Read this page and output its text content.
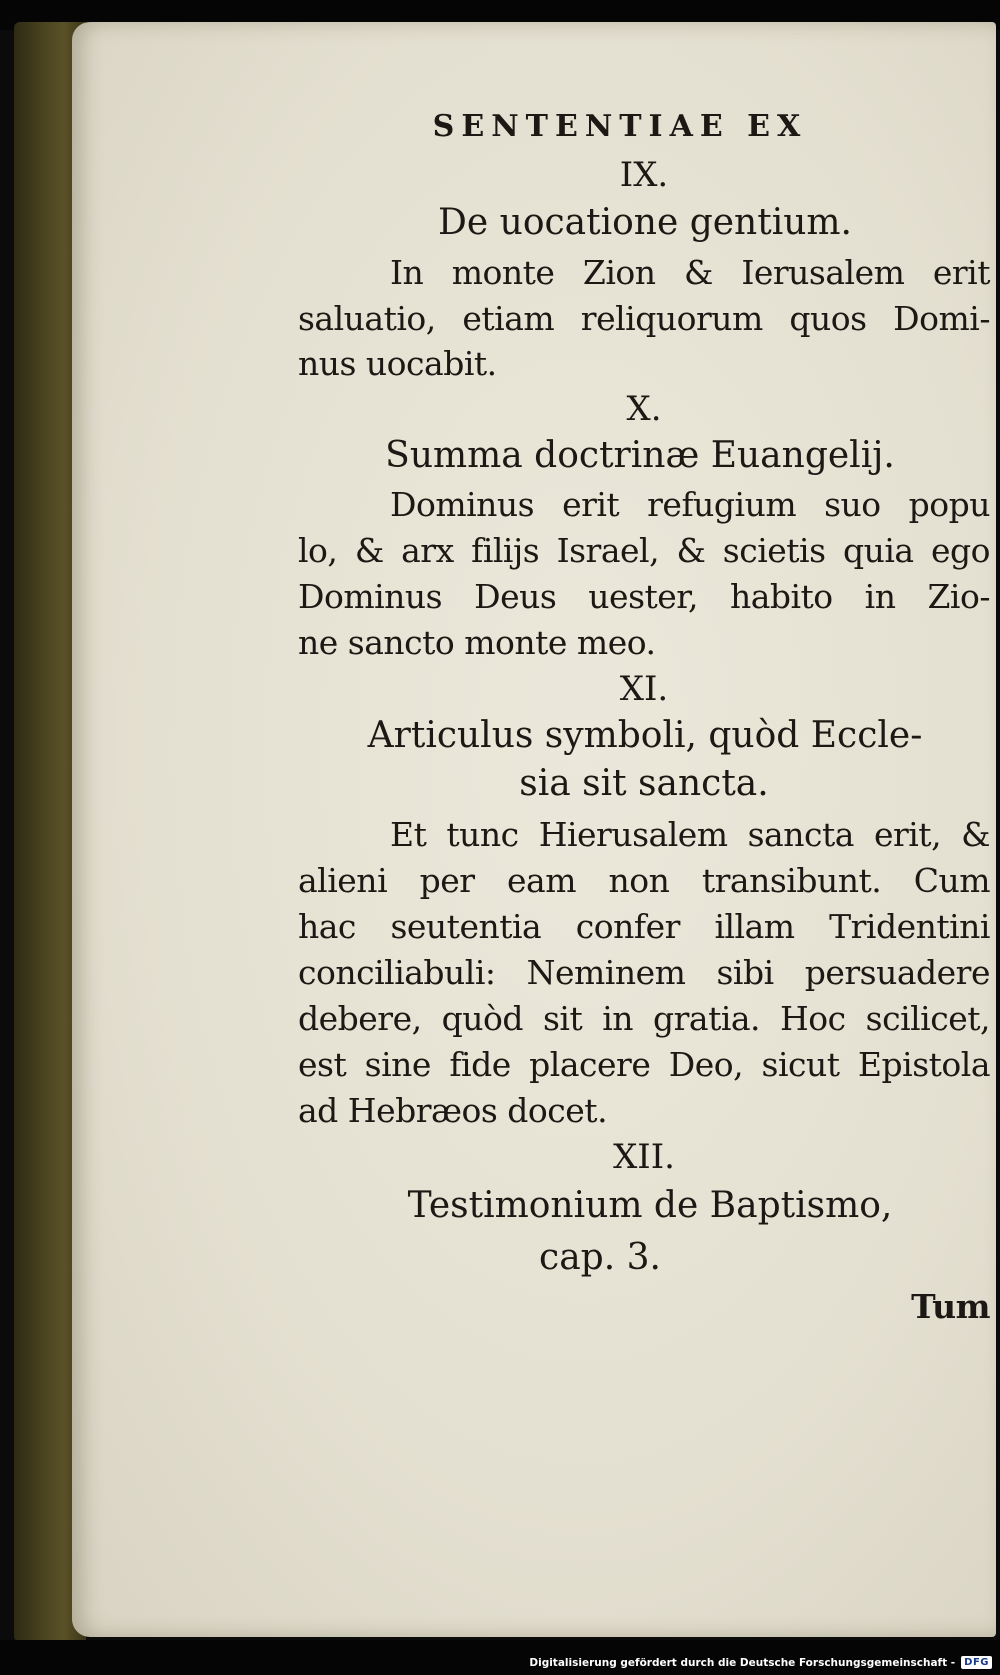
SENTENTIAE EX
IX.
De uocatione gentium.
In monte Zion & Ierusalem erit
saluatio, etiam reliquorum quos Domi-
nus uocabit.
X.
Summa doctrinæ Euangelij.
Dominus erit refugium suo popu
lo, & arx filijs Israel, & scietis quia ego
Dominus Deus uester, habito in Zio-
ne sancto monte meo.
XI.
Articulus symboli, quòd Eccle-
sia sit sancta.
Et tunc Hierusalem sancta erit, &
alieni per eam non transibunt. Cum
hac seutentia confer illam Tridentini
conciliabuli: Neminem sibi persuadere
debere, quòd sit in gratia. Hoc scilicet,
est sine fide placere Deo, sicut Epistola
ad Hebræos docet.
XII.
Testimonium de Baptismo,
cap. 3.
Tum
Digitalisierung gefördert durch die Deutsche Forschungsgemeinschaft - DFG
